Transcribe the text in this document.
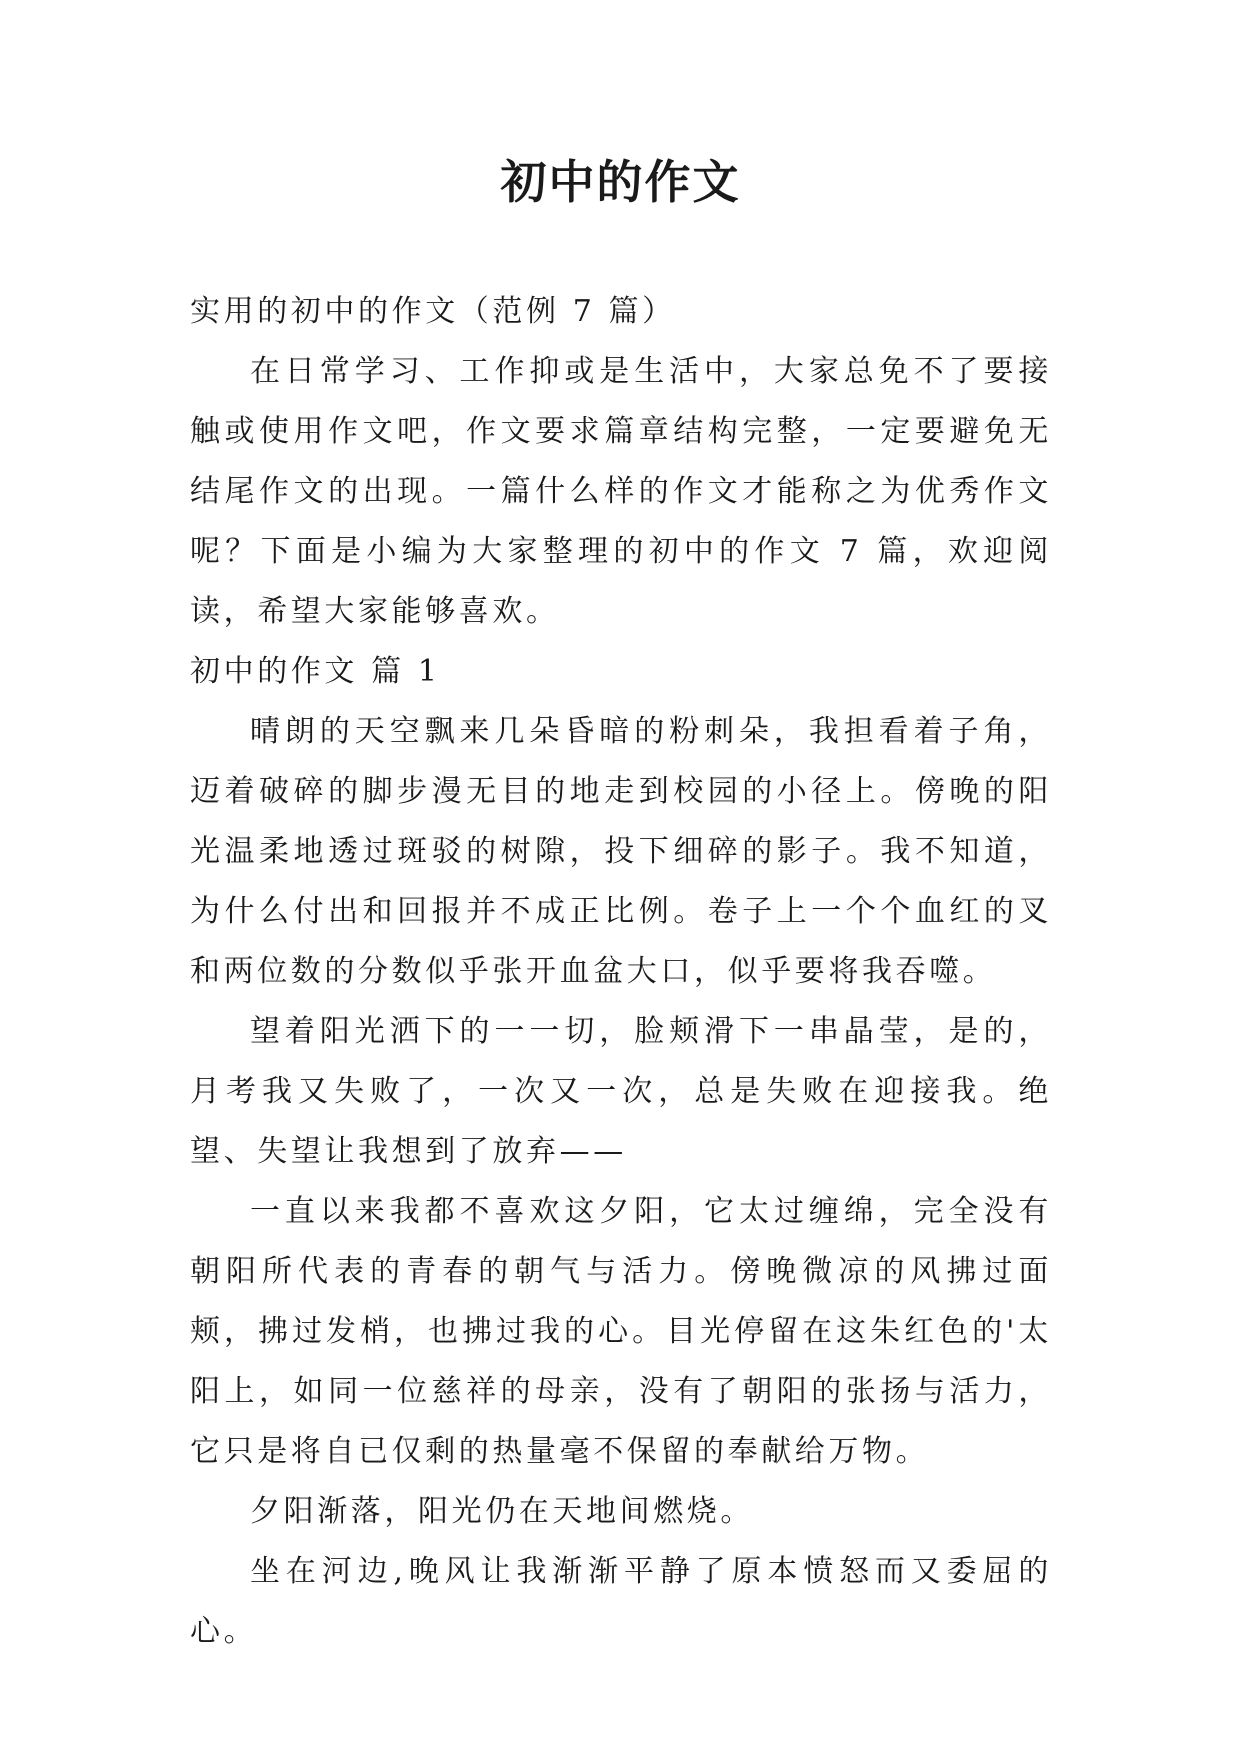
初中的作文

实用的初中的作文（范例 7 篇）

在日常学习、工作抑或是生活中，大家总免不了要接触或使用作文吧，作文要求篇章结构完整，一定要避免无结尾作文的出现。一篇什么样的作文才能称之为优秀作文呢？下面是小编为大家整理的初中的作文 7 篇，欢迎阅读，希望大家能够喜欢。

初中的作文 篇 1

晴朗的天空飘来几朵昏暗的粉刺朵，我担看着子角，迈着破碎的脚步漫无目的地走到校园的小径上。傍晚的阳光温柔地透过斑驳的树隙，投下细碎的影子。我不知道，为什么付出和回报并不成正比例。卷子上一个个血红的叉和两位数的分数似乎张开血盆大口，似乎要将我吞噬。

望着阳光洒下的一一切，脸颊滑下一串晶莹，是的，月考我又失败了，一次又一次，总是失败在迎接我。绝望、失望让我想到了放弃——

一直以来我都不喜欢这夕阳，它太过缠绵，完全没有朝阳所代表的青春的朝气与活力。傍晚微凉的风拂过面颊，拂过发梢，也拂过我的心。目光停留在这朱红色的'太阳上，如同一位慈祥的母亲，没有了朝阳的张扬与活力，它只是将自已仅剩的热量毫不保留的奉献给万物。

夕阳渐落，阳光仍在天地间燃烧。

坐在河边,晚风让我渐渐平静了原本愤怒而又委屈的心。
